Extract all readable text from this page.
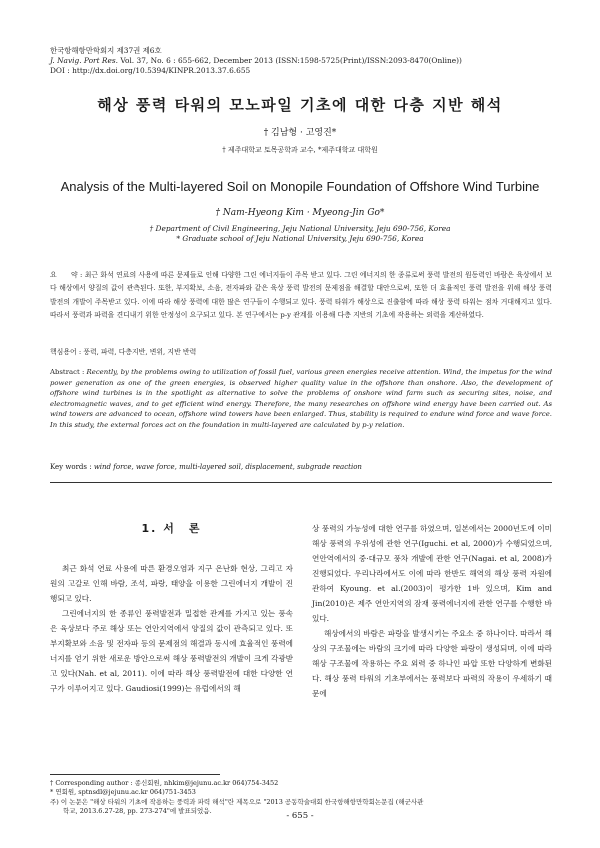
한국항해항만학회지 제37권 제6호
J. Navig. Port Res. Vol. 37, No. 6 : 655-662, December 2013 (ISSN:1598-5725(Print)/ISSN:2093-8470(Online))
DOI : http://dx.doi.org/10.5394/KINPR.2013.37.6.655
해상 풍력 타워의 모노파일 기초에 대한 다층 지반 해석
† 김남형 · 고영진*
† 제주대학교 토목공학과 교수, *제주대학교 대학원
Analysis of the Multi-layered Soil on Monopile Foundation of Offshore Wind Turbine
† Nam-Hyeong Kim · Myeong-Jin Go*
† Department of Civil Engineering, Jeju National University, Jeju 690-756, Korea
* Graduate school of Jeju National University, Jeju 690-756, Korea
요　　약 : 최근 화석 연료의 사용에 따른 문제들로 인해 다양한 그린 에너지들이 주목 받고 있다. 그린 에너지의 한 종류로써 풍력 발전의 원동력인 바람은 육상에서 보다 해상에서 양질의 값이 관측된다. 또한, 부지확보, 소음, 전자파와 같은 육상 풍력 발전의 문제점을 해결할 대안으로써, 또한 더 효율적인 풍력 발전을 위해 해상 풍력 발전의 개발이 주목받고 있다. 이에 따라 해상 풍력에 대한 많은 연구들이 수행되고 있다. 풍력 타워가 해상으로 진출함에 따라 해상 풍력 타워는 점차 거대해지고 있다. 따라서 풍력과 파력을 견디내기 위한 안정성이 요구되고 있다. 본 연구에서는 p-y 관계를 이용해 다층 지반의 기초에 작용하는 외력을 계산하였다.
핵심용어 : 풍력, 파력, 다층지반, 변위, 지반 반력
Abstract : Recently, by the problems owing to utilization of fossil fuel, various green energies receive attention. Wind, the impetus for the wind power generation as one of the green energies, is observed higher quality value in the offshore than onshore. Also, the development of offshore wind turbines is in the spotlight as alternative to solve the problems of onshore wind farm such as securing sites, noise, and electromagnetic waves, and to get efficient wind energy. Therefore, the many researches on offshore wind energy have been carried out. As wind towers are advanced to ocean, offshore wind towers have been enlarged. Thus, stability is required to endure wind force and wave force. In this study, the external forces act on the foundation in multi-layered are calculated by p-y relation.
Key words : wind force, wave force, multi-layered soil, displacement, subgrade reaction
1. 서　론

최근 화석 연료 사용에 따른 환경오염과 지구 온난화 현상, 그리고 자원의 고갈로 인해 바람, 조석, 파랑, 태양을 이용한 그린에너지 개발이 진행되고 있다.

그린에너지의 한 종류인 풍력발전과 밀접한 관계를 가지고 있는 풍속은 육상보다 주로 해상 또는 연안지역에서 양질의 값이 관측되고 있다. 또 부지확보와 소음 및 전자파 등의 문제점의 해결과 동시에 효율적인 풍력에너지를 얻기 위한 새로운 방안으로써 해상 풍력발전의 개발이 크게 각광받고 있다(Nah. et al, 2011). 이에 따라 해상 풍력발전에 대한 다양한 연구가 이루어지고 있다. Gaudiosi(1999)는 유럽에서의 해

상 풍력의 가능성에 대한 연구를 하였으며, 일본에서는 2000년도에 이미 해상 풍력의 우위성에 관한 연구(Iguchi. et al, 2000)가 수행되었으며, 연안역에서의 중·대규모 풍차 개발에 관한 연구(Nagai. et al, 2008)가 진행되었다. 우리나라에서도 이에 따라 한반도 해역의 해상 풍력 자원에 관하여 Kyoung. et al.(2003)이 평가한 1바 있으며, Kim and Jin(2010)은 제주 연안지역의 잠재 풍력에너지에 관한 연구를 수행한 바 있다.

해상에서의 바람은 파랑을 발생시키는 주요소 중 하나이다. 따라서 해상의 구조물에는 바람의 크기에 따라 다양한 파랑이 생성되며, 이에 따라 해상 구조물에 작용하는 주요 외력 중 하나인 파압 또한 다양하게 변화된다. 해상 풍력 타워의 기초부에서는 풍력보다 파력의 작용이 우세하기 때문에

† Corresponding author : 종신회원, nhkim@jejunu.ac.kr 064)754-3452
* 연회원, sptnsdl@jejunu.ac.kr 064)751-3453
주) 이 논문은 "해상 타워의 기초에 작용하는 풍력과 파력 해석"란 제목으로 "2013 공동학술대회 한국항해항만학회논문집 (해군사관
　　학교, 2013.6.27-28, pp. 273-274"에 발표되었음.	- 655 -
